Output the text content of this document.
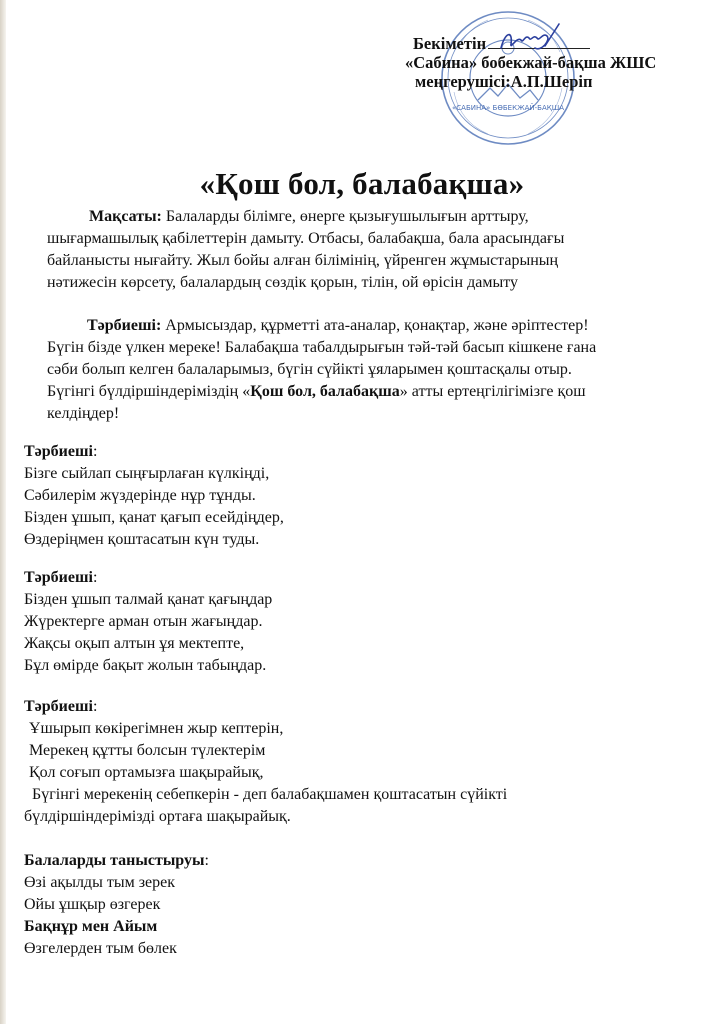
«САБИНА» БӨБЕКЖАЙ-БАҚША
Бекіметін
«Сабина» бобекжай-бақша ЖШС
меңгерушісі:А.П.Шеріп
«Қош бол, балабақша»
Мақсаты: Балаларды білімге, өнерге қызығушылығын арттыру,
шығармашылық қабілеттерін дамыту. Отбасы, балабақша, бала арасындағы
байланысты нығайту. Жыл бойы алған білімінің, үйренген жұмыстарының
нәтижесін көрсету, балалардың сөздік қорын, тілін, ой өрісін дамыту
Тәрбиеші: Армысыздар, құрметті ата-аналар, қонақтар, және әріптестер!
Бүгін бізде үлкен мереке! Балабақша табалдырығын тәй-тәй басып кішкене ғана
сәби болып келген балаларымыз, бүгін сүйікті ұяларымен қоштасқалы отыр.
Бүгінгі бүлдіршіндеріміздің «Қош бол, балабақша» атты ертеңгілігімізге қош
келдіңдер!
Тәрбиеші:
Бізге сыйлап сыңғырлаған күлкіңді,
Сәбилерім жүздерінде нұр тұнды.
Бізден ұшып, қанат қағып есейдіңдер,
Өздеріңмен қоштасатын күн туды.
Тәрбиеші:
Бізден ұшып талмай қанат қағыңдар
Жүректерге арман отын жағыңдар.
Жақсы оқып алтын ұя мектепте,
Бұл өмірде бақыт жолын табыңдар.
Тәрбиеші:
Ұшырып көкірегімнен жыр кептерін,
Мерекең құтты болсын түлектерім
Қол соғып ортамызға шақырайық,
Бүгінгі мерекенің себепкерін - деп балабақшамен қоштасатын сүйікті
бүлдіршіндерімізді ортаға шақырайық.
Балаларды таныстыруы:
Өзі ақылды тым зерек
Ойы ұшқыр өзгерек
Бақнұр мен Айым
Өзгелерден тым бөлек
